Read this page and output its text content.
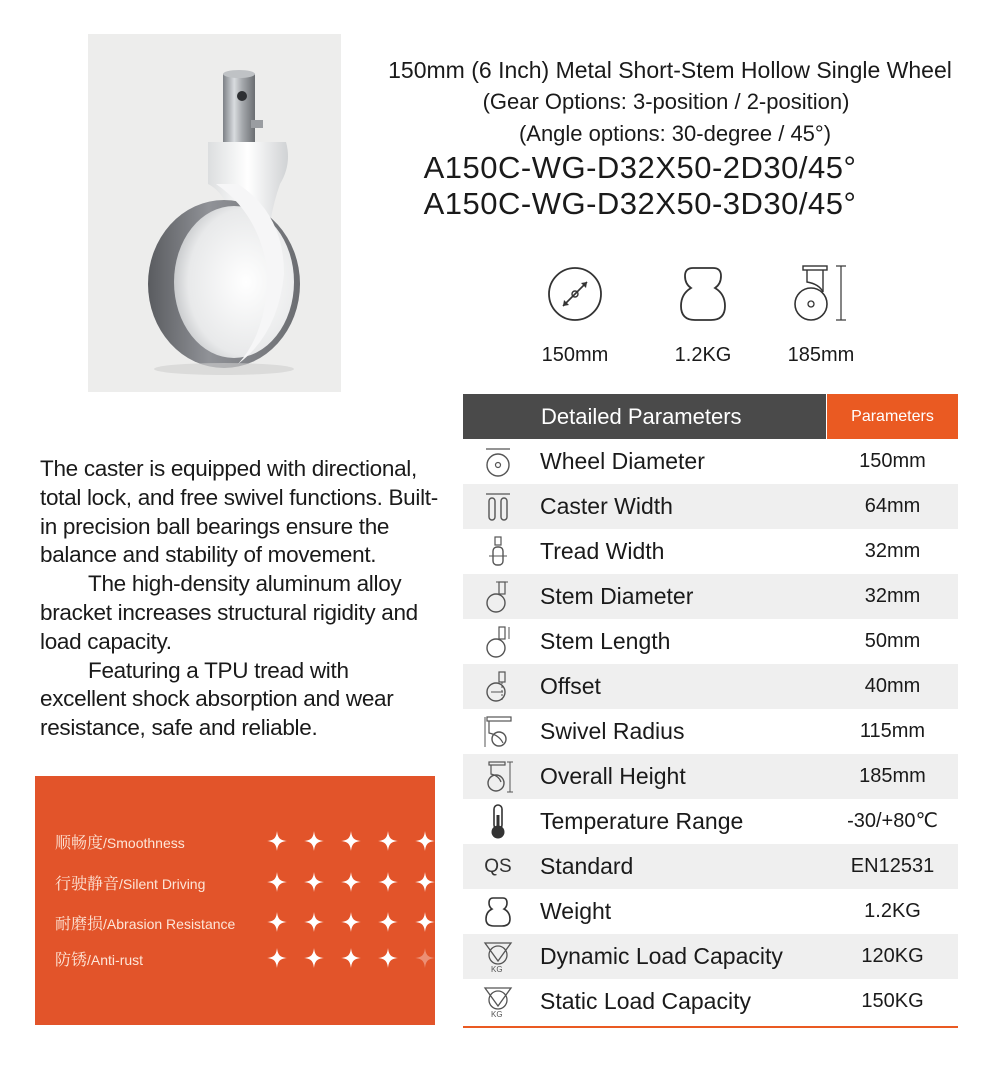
150mm (6 Inch) Metal Short-Stem Hollow Single Wheel
(Gear Options: 3-position / 2-position)
(Angle options: 30-degree / 45°)
A150C-WG-D32X50-2D30/45°
A150C-WG-D32X50-3D30/45°
150mm	1.2KG	185mm

The caster is equipped with directional, total lock, and free swivel functions. Built-in precision ball bearings ensure the balance and stability of movement.

The high-density aluminum alloy bracket increases structural rigidity and load capacity.

Featuring a TPU tread with excellent shock absorption and wear resistance, safe and reliable.

顺畅度/Smoothness
行驶静音/Silent Driving
耐磨损/Abrasion Resistance
防锈/Anti-rust
Detailed Parameters	Parameters
Wheel Diameter	150mm
Caster Width	64mm
Tread Width	32mm
Stem Diameter	32mm
Stem Length	50mm
Offset	40mm
Swivel Radius	115mm
Overall Height	185mm
Temperature Range	-30/+80℃
QS Standard	EN12531
Weight	1.2KG
KG
Dynamic Load Capacity	120KG
KG
Static Load Capacity	150KG
